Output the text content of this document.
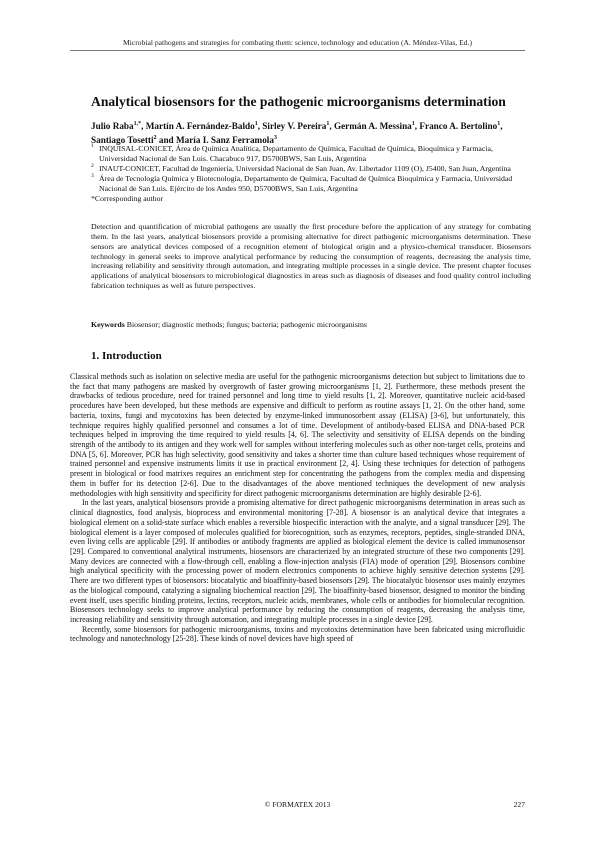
Microbial pathogens and strategies for combating them: science, technology and education (A. Méndez-Vilas, Ed.)
Analytical biosensors for the pathogenic microorganisms determination
Julio Raba$^{1,*}$, Martín A. Fernández-Baldo$^1$, Sirley V. Pereira$^1$, Germán A. Messina$^1$, Franco A. Bertolino$^1$, Santiago Tosetti$^2$ and María I. Sanz Ferramola$^3$
1 INQUISAL-CONICET, Área de Química Analítica, Departamento de Química, Facultad de Química, Bioquímica y Farmacia, Universidad Nacional de San Luis. Chacabuco 917, D5700BWS, San Luis, Argentina
2 INAUT-CONICET, Facultad de Ingeniería, Universidad Nacional de San Juan, Av. Libertador 1109 (O), J5400, San Juan, Argentina
3 Área de Tecnología Química y Biotecnología, Departamento de Química, Facultad de Química Bioquímica y Farmacia, Universidad Nacional de San Luis. Ejército de los Andes 950, D5700BWS, San Luis, Argentina
*Corresponding author
Detection and quantification of microbial pathogens are usually the first procedure before the application of any strategy for combating them. In the last years, analytical biosensors provide a promising alternative for direct pathogenic microorganisms determination. These sensors are analytical devices composed of a recognition element of biological origin and a physico-chemical transducer. Biosensors technology in general seeks to improve analytical performance by reducing the consumption of reagents, decreasing the analysis time, increasing reliability and sensitivity through automation, and integrating multiple processes in a single device. The present chapter focuses applications of analytical biosensors to microbiological diagnostics in areas such as diagnosis of diseases and food quality control including fabrication techniques as well as future perspectives.
Keywords Biosensor; diagnostic methods; fungus; bacteria; pathogenic microorganisms
1. Introduction

Classical methods such as isolation on selective media are useful for the pathogenic microorganisms detection but subject to limitations due to the fact that many pathogens are masked by overgrowth of faster growing microorganisms [1, 2]. Furthermore, these methods present the drawbacks of tedious procedure, need for trained personnel and long time to yield results [1, 2]. Moreover, quantitative nucleic acid-based procedures have been developed, but these methods are expensive and difficult to perform as routine assays [1, 2]. On the other hand, some bacteria, toxins, fungi and mycotoxins has been detected by enzyme-linked immunosorbent assay (ELISA) [3-6], but unfortunately, this technique requires highly qualified personnel and consumes a lot of time. Development of antibody-based ELISA and DNA-based PCR techniques helped in improving the time required to yield results [4, 6]. The selectivity and sensitivity of ELISA depends on the binding strength of the antibody to its antigen and they work well for samples without interfering molecules such as other non-target cells, proteins and DNA [5, 6]. Moreover, PCR has high selectivity, good sensitivity and takes a shorter time than culture based techniques whose requirement of trained personnel and expensive instruments limits it use in practical environment [2, 4]. Using these techniques for detection of pathogens present in biological or food matrixes requires an enrichment step for concentrating the pathogens from the complex media and dispensing them in buffer for its detection [2-6]. Due to the disadvantages of the above mentioned techniques the development of new analysis methodologies with high sensitivity and specificity for direct pathogenic microorganisms determination are highly desirable [2-6].

In the last years, analytical biosensors provide a promising alternative for direct pathogenic microorganisms determination in areas such as clinical diagnostics, food analysis, bioprocess and environmental monitoring [7-28]. A biosensor is an analytical device that integrates a biological element on a solid-state surface which enables a reversible biospecific interaction with the analyte, and a signal transducer [29]. The biological element is a layer composed of molecules qualified for biorecognition, such as enzymes, receptors, peptides, single-stranded DNA, even living cells are applicable [29]. If antibodies or antibody fragments are applied as biological element the device is called immunosensor [29]. Compared to conventional analytical instruments, biosensors are characterized by an integrated structure of these two components [29]. Many devices are connected with a flow-through cell, enabling a flow-injection analysis (FIA) mode of operation [29]. Biosensors combine high analytical specificity with the processing power of modern electronics components to achieve highly sensitive detection systems [29]. There are two different types of biosensors: biocatalytic and bioaffinity-based biosensors [29]. The biocatalytic biosensor uses mainly enzymes as the biological compound, catalyzing a signaling biochemical reaction [29]. The bioaffinity-based biosensor, designed to monitor the binding event itself, uses specific binding proteins, lectins, receptors, nucleic acids, membranes, whole cells or antibodies for biomolecular recognition. Biosensors technology seeks to improve analytical performance by reducing the consumption of reagents, decreasing the analysis time, increasing reliability and sensitivity through automation, and integrating multiple processes in a single device [29].

Recently, some biosensors for pathogenic microorganisms, toxins and mycotoxins determination have been fabricated using microfluidic technology and nanotechnology [25-28]. These kinds of novel devices have high speed of

© FORMATEX 2013	227
